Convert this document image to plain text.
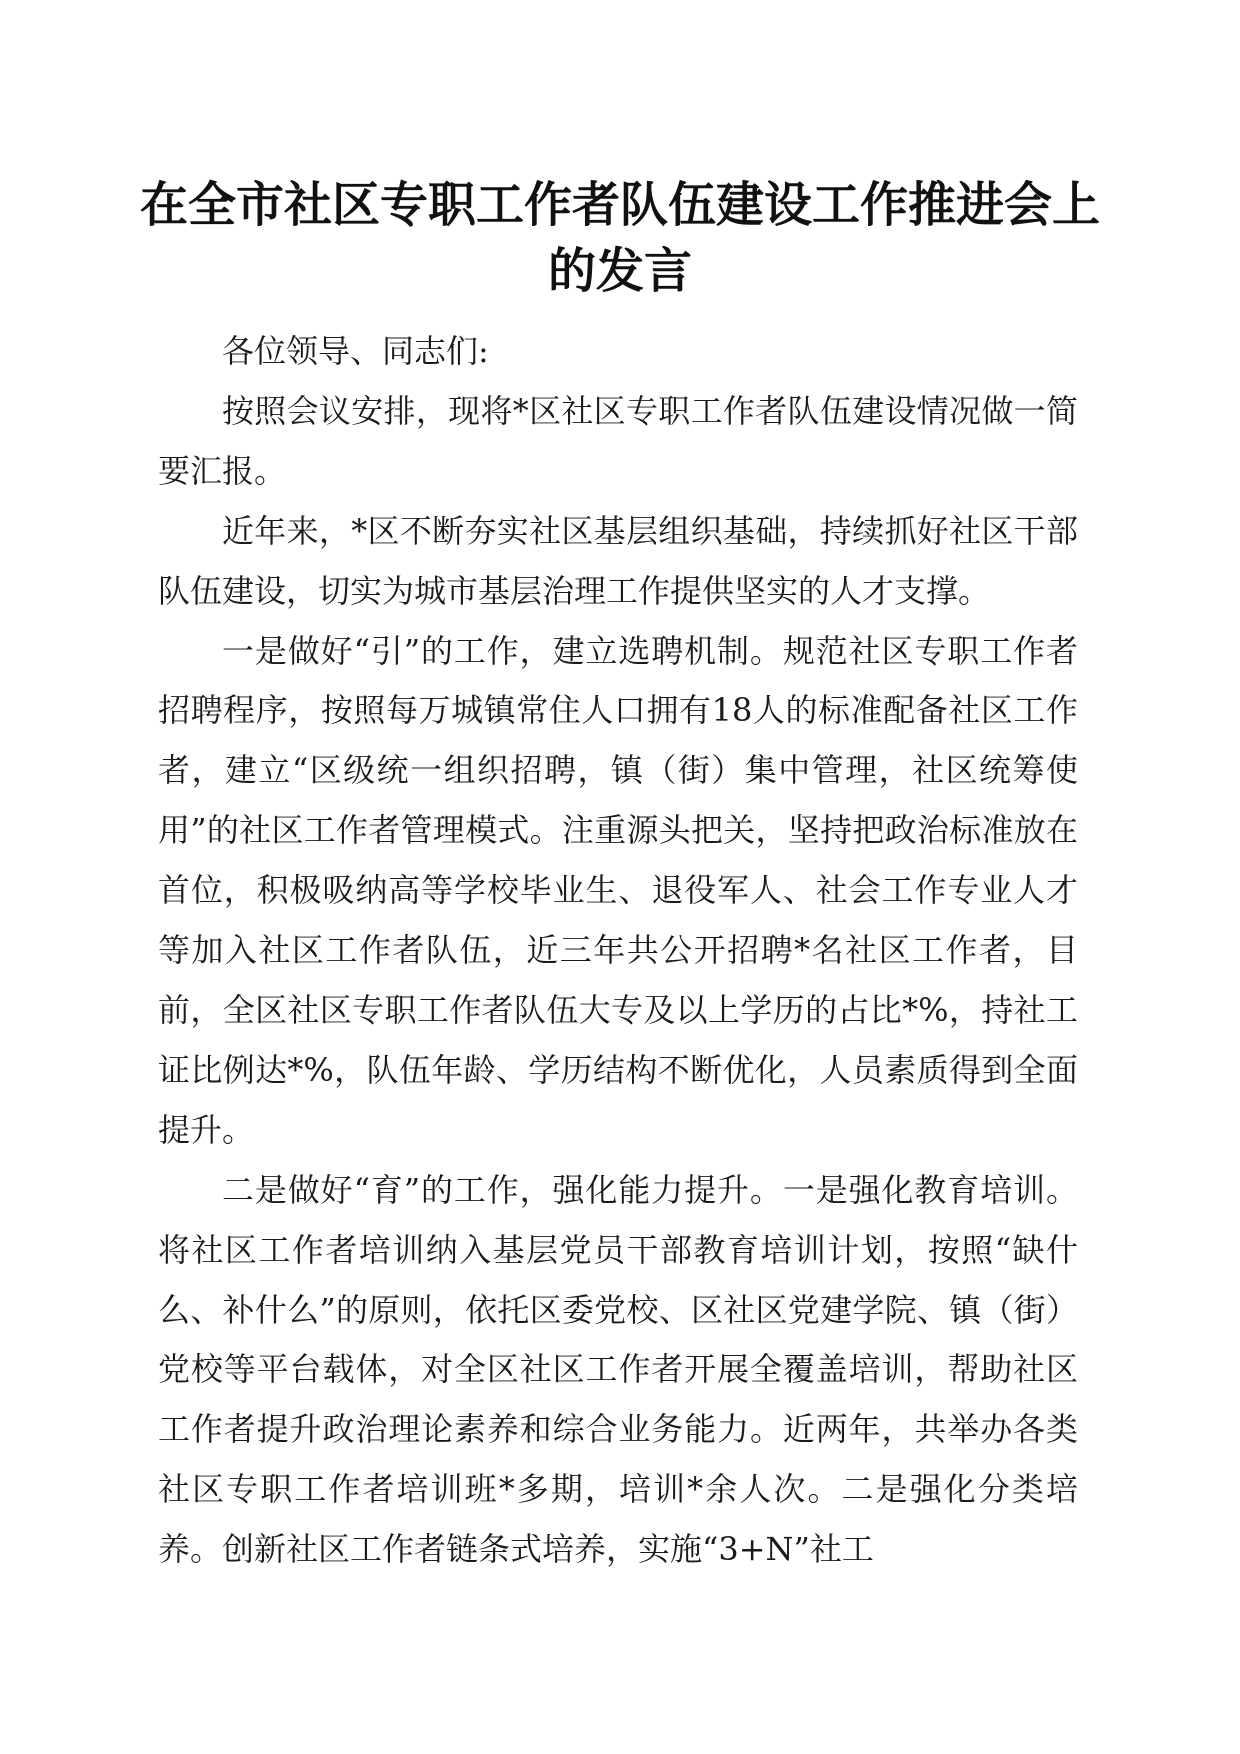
在全市社区专职工作者队伍建设工作推进会上
的发言

各位领导、同志们:

按照会议安排，现将*区社区专职工作者队伍建设情况做一简要汇报。

近年来，*区不断夯实社区基层组织基础，持续抓好社区干部队伍建设，切实为城市基层治理工作提供坚实的人才支撑。

一是做好“引”的工作，建立选聘机制。规范社区专职工作者招聘程序，按照每万城镇常住人口拥有18人的标准配备社区工作者，建立“区级统一组织招聘，镇（街）集中管理，社区统筹使用”的社区工作者管理模式。注重源头把关，坚持把政治标准放在首位，积极吸纳高等学校毕业生、退役军人、社会工作专业人才等加入社区工作者队伍，近三年共公开招聘*名社区工作者，目前，全区社区专职工作者队伍大专及以上学历的占比*%，持社工证比例达*%，队伍年龄、学历结构不断优化，人员素质得到全面提升。

二是做好“育”的工作，强化能力提升。一是强化教育培训。将社区工作者培训纳入基层党员干部教育培训计划，按照“缺什么、补什么”的原则，依托区委党校、区社区党建学院、镇（街）党校等平台载体，对全区社区工作者开展全覆盖培训，帮助社区工作者提升政治理论素养和综合业务能力。近两年，共举办各类社区专职工作者培训班*多期，培训*余人次。二是强化分类培养。创新社区工作者链条式培养，实施“3+N”社工
